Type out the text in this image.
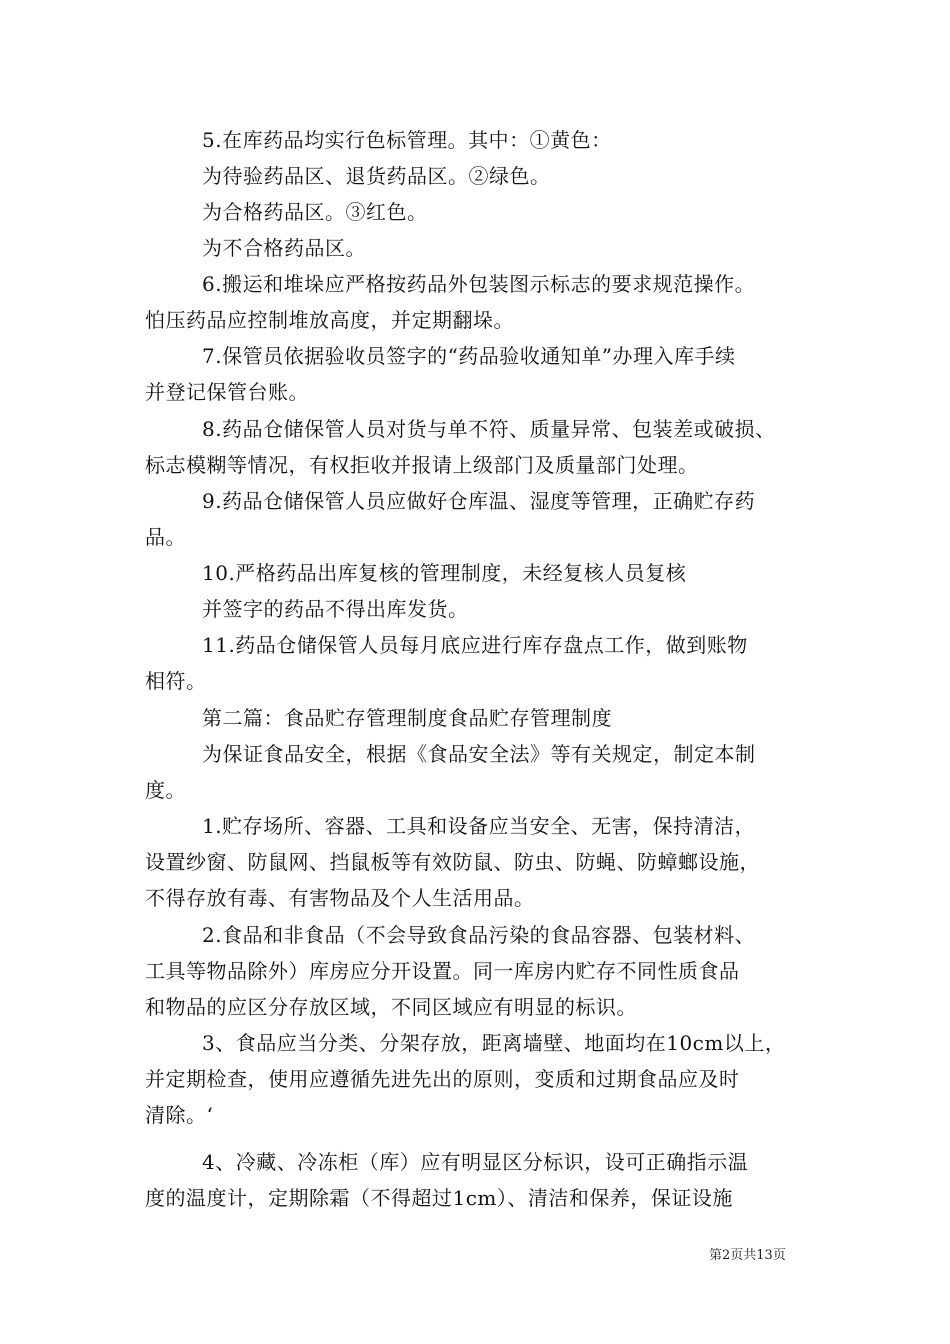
5.在库药品均实行色标管理。其中：①黄色：
为待验药品区、退货药品区。②绿色。
为合格药品区。③红色。
为不合格药品区。
6.搬运和堆垛应严格按药品外包装图示标志的要求规范操作。
怕压药品应控制堆放高度，并定期翻垛。
7.保管员依据验收员签字的“药品验收通知单”办理入库手续
并登记保管台账。
8.药品仓储保管人员对货与单不符、质量异常、包装差或破损、
标志模糊等情况，有权拒收并报请上级部门及质量部门处理。
9.药品仓储保管人员应做好仓库温、湿度等管理，正确贮存药
品。
10.严格药品出库复核的管理制度，未经复核人员复核
并签字的药品不得出库发货。
11.药品仓储保管人员每月底应进行库存盘点工作，做到账物
相符。
第二篇：食品贮存管理制度食品贮存管理制度
为保证食品安全，根据《食品安全法》等有关规定，制定本制
度。
1.贮存场所、容器、工具和设备应当安全、无害，保持清洁，
设置纱窗、防鼠网、挡鼠板等有效防鼠、防虫、防蝇、防蟑螂设施，
不得存放有毒、有害物品及个人生活用品。
2.食品和非食品（不会导致食品污染的食品容器、包装材料、
工具等物品除外）库房应分开设置。同一库房内贮存不同性质食品
和物品的应区分存放区域，不同区域应有明显的标识。
3、食品应当分类、分架存放，距离墙壁、地面均在10cm以上，
并定期检查，使用应遵循先进先出的原则，变质和过期食品应及时
清除。‘
4、冷藏、冷冻柜（库）应有明显区分标识，设可正确指示温
度的温度计，定期除霜（不得超过1cm）、清洁和保养，保证设施
第2页共13页
